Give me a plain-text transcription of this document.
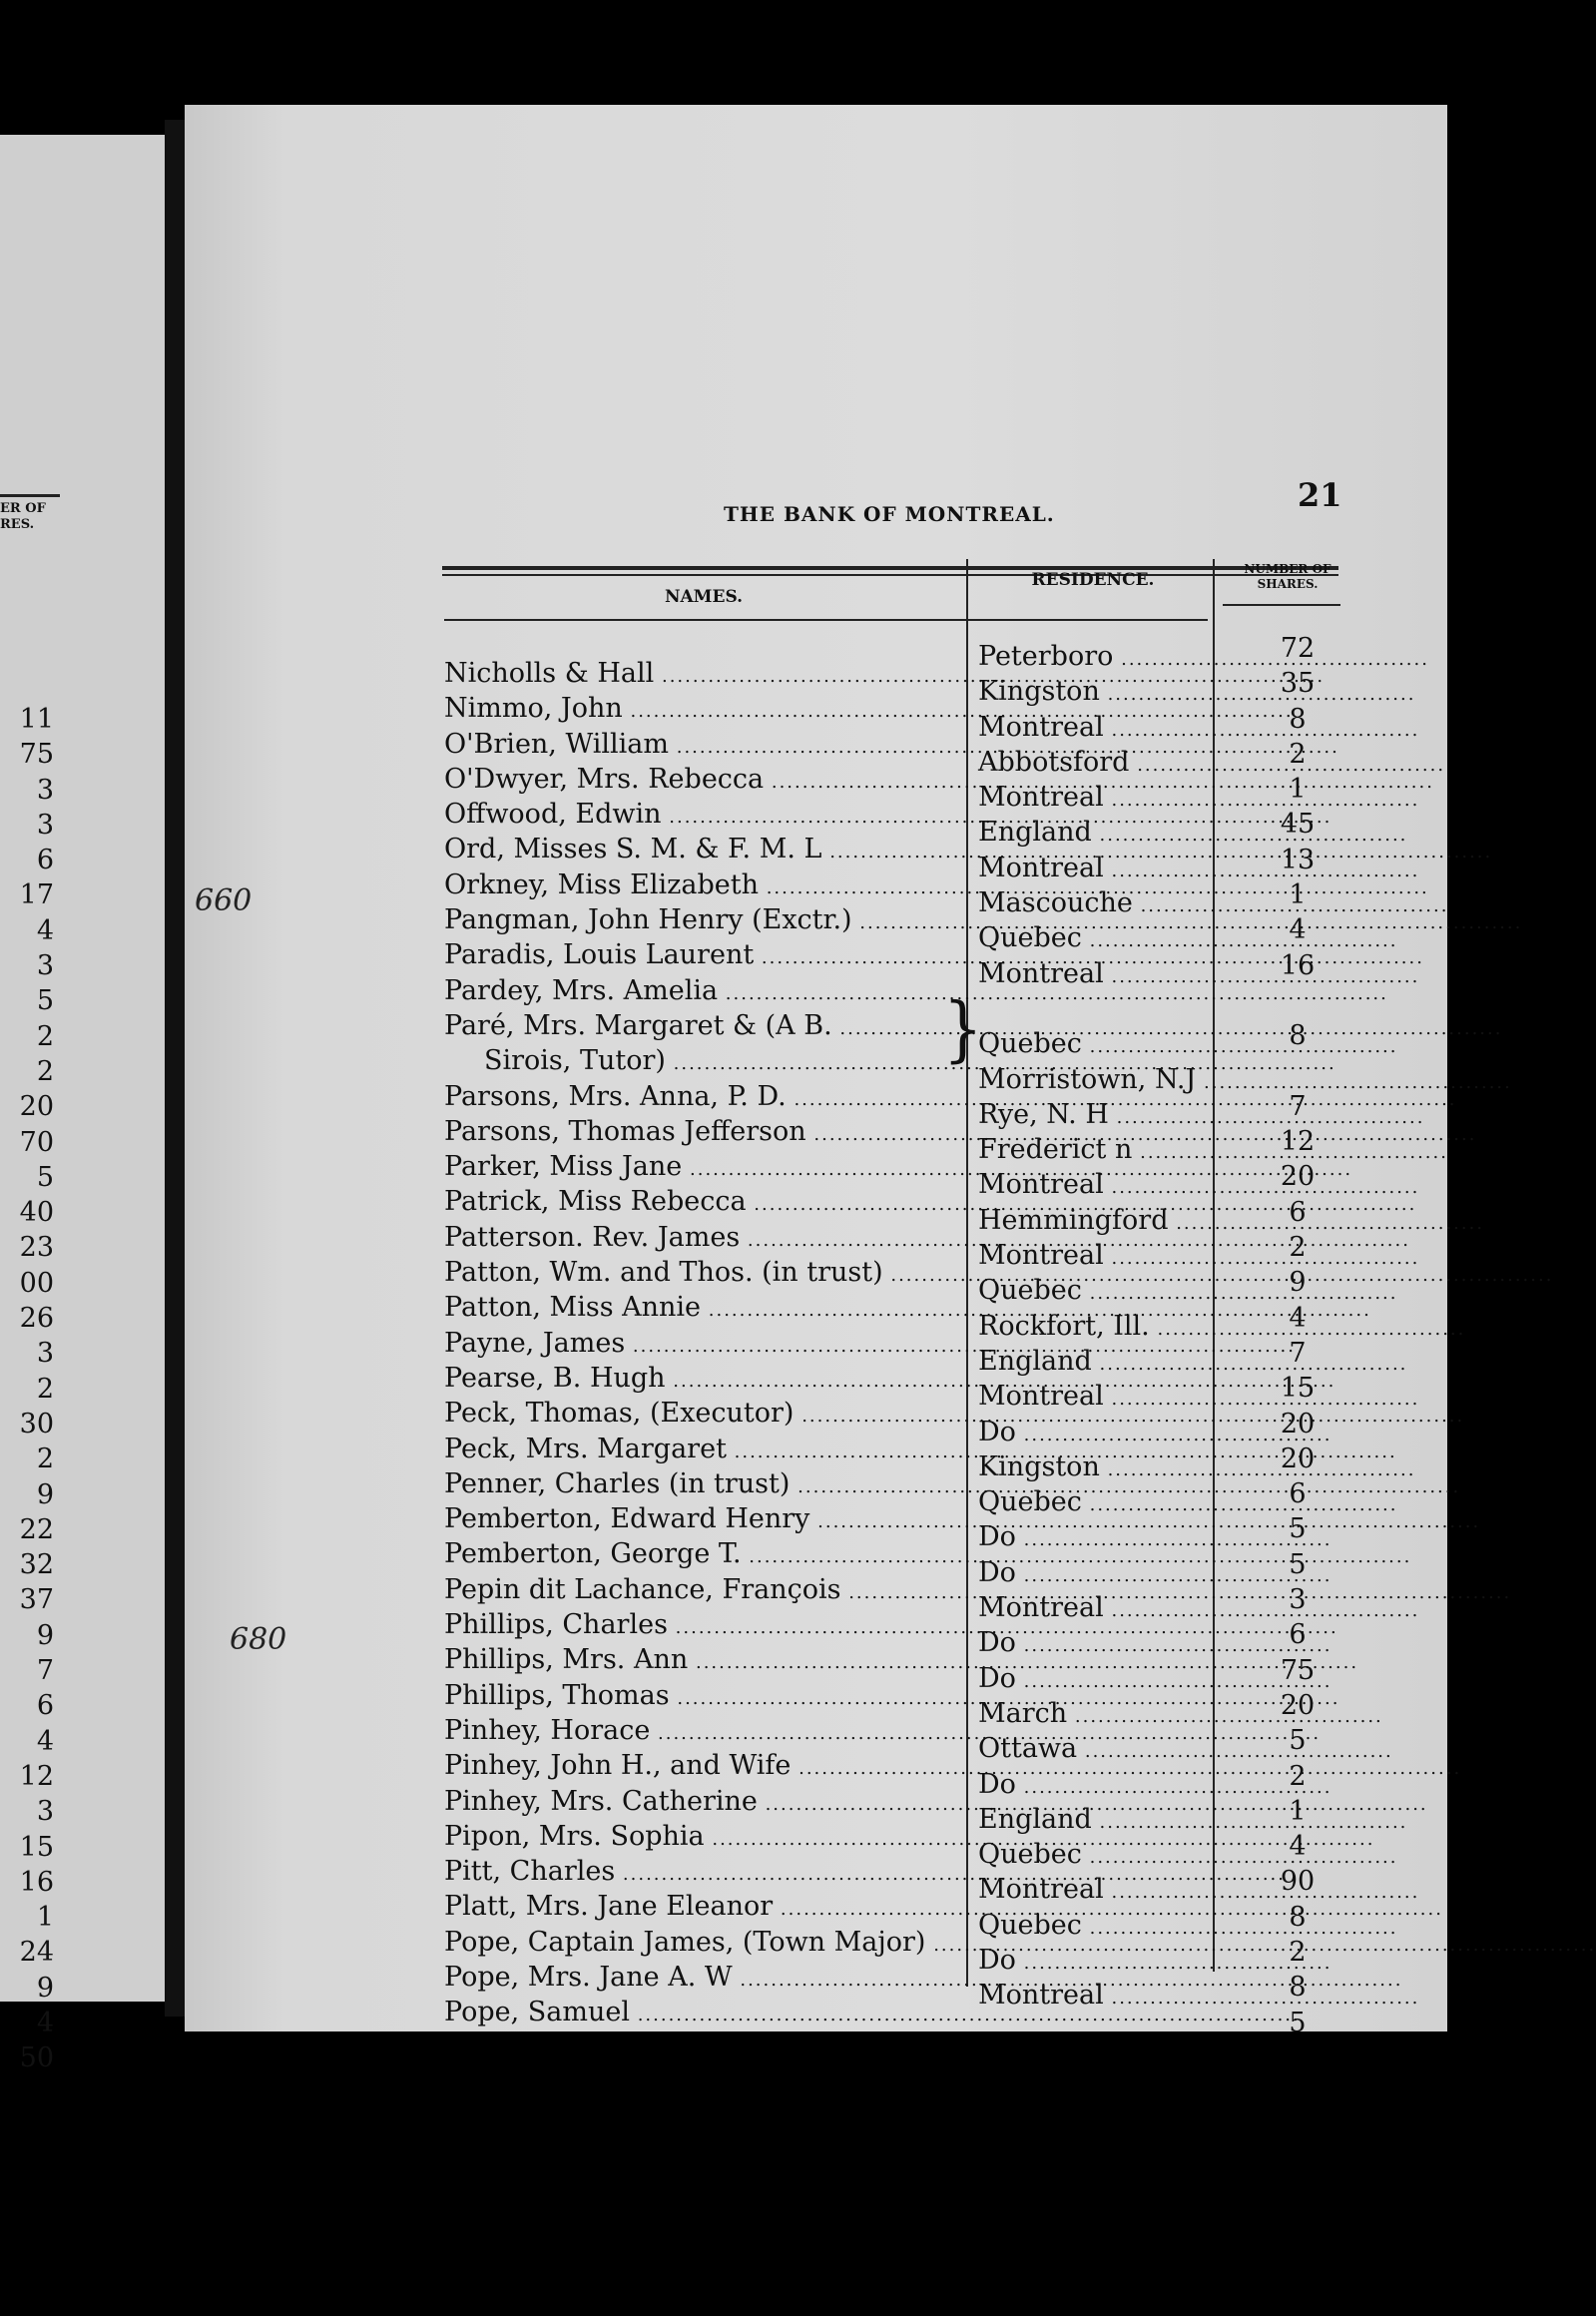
ER OF
RES.
11
75
3
3
6
17
4
3
5
2
2
20
70
5
40
23
00
26
3
2
30
2
9
22
32
37
9
7
6
4
12
3
15
16
1
24
9
4
50
THE BANK OF MONTREAL.	21
NAMES.
RESIDENCE.
NUMBER OF
SHARES.
Nicholls & Hall .....
Nimmo, John .....
O'Brien, William .....
O'Dwyer, Mrs. Rebecca .....
Offwood, Edwin .....
Ord, Misses S. M. & F. M. L .....
Orkney, Miss Elizabeth .....
Pangman, John Henry (Exctr.) .....
Paradis, Louis Laurent .....
Pardey, Mrs. Amelia .....
Paré, Mrs. Margaret & (A B. .....
Sirois, Tutor) .....
Parsons, Mrs. Anna, P. D. .....
Parsons, Thomas Jefferson .....
Parker, Miss Jane .....
Patrick, Miss Rebecca .....
Patterson. Rev. James .....
Patton, Wm. and Thos. (in trust) .....
Patton, Miss Annie .....
Payne, James .....
Pearse, B. Hugh .....
Peck, Thomas, (Executor) .....
Peck, Mrs. Margaret .....
Penner, Charles (in trust) .....
Pemberton, Edward Henry .....
Pemberton, George T. .....
Pepin dit Lachance, François .....
Phillips, Charles .....
Phillips, Mrs. Ann .....
Phillips, Thomas .....
Pinhey, Horace .....
Pinhey, John H., and Wife .....
Pinhey, Mrs. Catherine .....
Pipon, Mrs. Sophia .....
Pitt, Charles .....
Platt, Mrs. Jane Eleanor .....
Pope, Captain James, (Town Major) .....
Pope, Mrs. Jane A. W .....
Pope, Samuel .....
}
Peterboro .....
Kingston .....
Montreal .....
Abbotsford .....
Montreal .....
England .....
Montreal .....
Mascouche .....
Quebec .....
Montreal .....
Quebec .....
Morristown, N.J .....
Rye, N. H .....
Frederict n .....
Montreal .....
Hemmingford .....
Montreal .....
Quebec .....
Rockfort, Ill. .....
England .....
Montreal .....
Do .....
Kingston .....
Quebec .....
Do .....
Do .....
Montreal .....
Do .....
Do .....
March .....
Ottawa .....
Do .....
England .....
Quebec .....
Montreal .....
Quebec .....
Do .....
Montreal .....
72
35
8
2
1
45
13
1
4
16
8
7
12
20
6
2
9
4
7
15
20
20
6
5
5
3
6
75
20
5
2
1
4
90
8
2
8
5
660
680
